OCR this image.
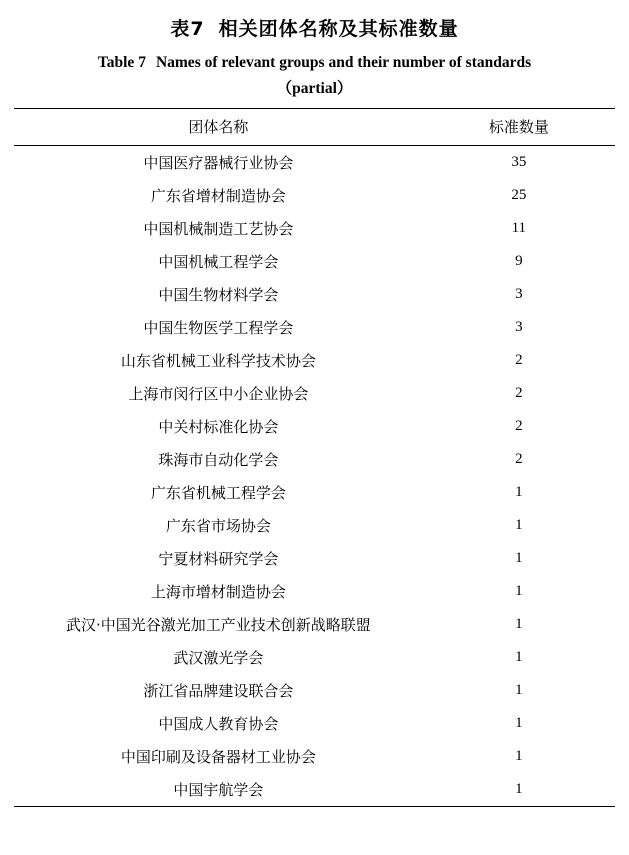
表7 相关团体名称及其标准数量
Table 7 Names of relevant groups and their number of standards
（partial）
团体名称	标准数量
中国医疗器械行业协会	35
广东省增材制造协会	25
中国机械制造工艺协会	11
中国机械工程学会	9
中国生物材料学会	3
中国生物医学工程学会	3
山东省机械工业科学技术协会	2
上海市闵行区中小企业协会	2
中关村标准化协会	2
珠海市自动化学会	2
广东省机械工程学会	1
广东省市场协会	1
宁夏材料研究学会	1
上海市增材制造协会	1
武汉·中国光谷激光加工产业技术创新战略联盟	1
武汉激光学会	1
浙江省品牌建设联合会	1
中国成人教育协会	1
中国印刷及设备器材工业协会	1
中国宇航学会	1
